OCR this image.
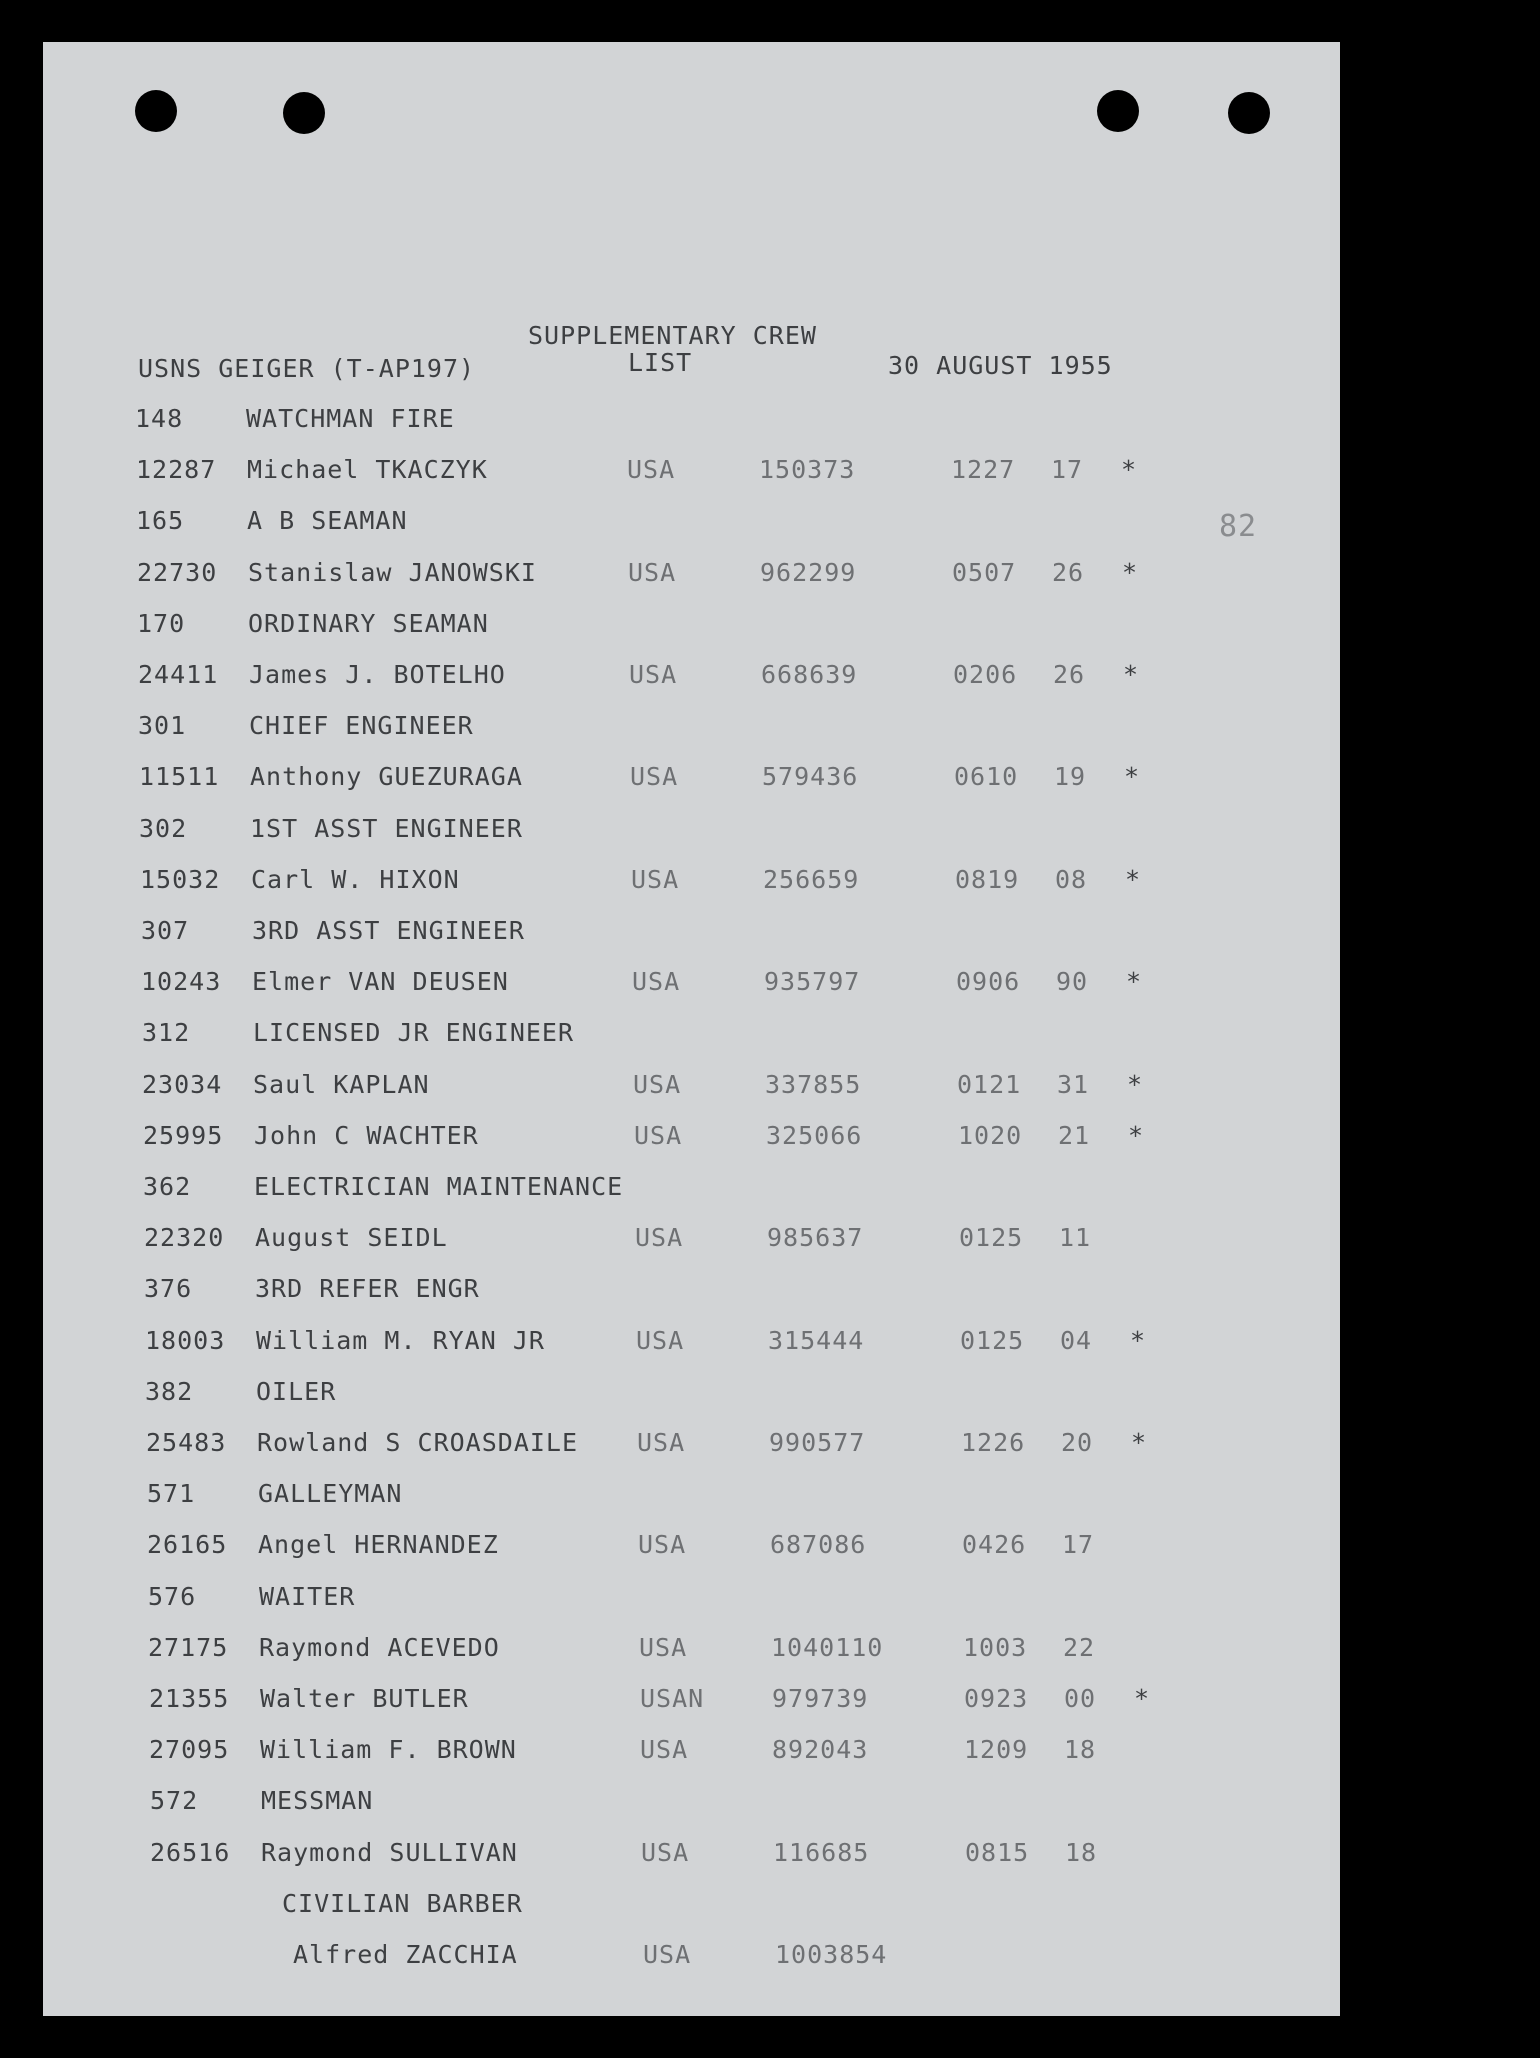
SUPPLEMENTARY CREW
USNS GEIGER (T-AP197)	LIST	30 AUGUST 1955
82
148	WATCHMAN FIRE
12287 Michael TKACZYK	USA	150373	1227 17 *
165	A B SEAMAN
22730 Stanislaw JANOWSKI	USA	962299	0507 26 *
170	ORDINARY SEAMAN
24411 James J. BOTELHO	USA	668639	0206 26 *
301	CHIEF ENGINEER
11511 Anthony GUEZURAGA	USA	579436	0610 19 *
302	1ST ASST ENGINEER
15032 Carl W. HIXON	USA	256659	0819 08 *
307	3RD ASST ENGINEER
10243 Elmer VAN DEUSEN	USA	935797	0906 90 *
312	LICENSED JR ENGINEER
23034 Saul KAPLAN	USA	337855	0121 31 *
25995 John C WACHTER	USA	325066	1020 21 *
362	ELECTRICIAN MAINTENANCE
22320 August SEIDL	USA	985637	0125 11
376	3RD REFER ENGR
18003 William M. RYAN JR	USA	315444	0125 04 *
382	OILER
25483 Rowland S CROASDAILE USA	990577	1226 20 *
571	GALLEYMAN
26165 Angel HERNANDEZ	USA	687086	0426 17
576	WAITER
27175 Raymond ACEVEDO	USA	1040110	1003 22
21355 Walter BUTLER	USAN	979739	0923 00 *
27095 William F. BROWN	USA	892043	1209 18
572	MESSMAN
26516 Raymond SULLIVAN	USA	116685	0815 18
CIVILIAN BARBER
Alfred ZACCHIA	USA	1003854
